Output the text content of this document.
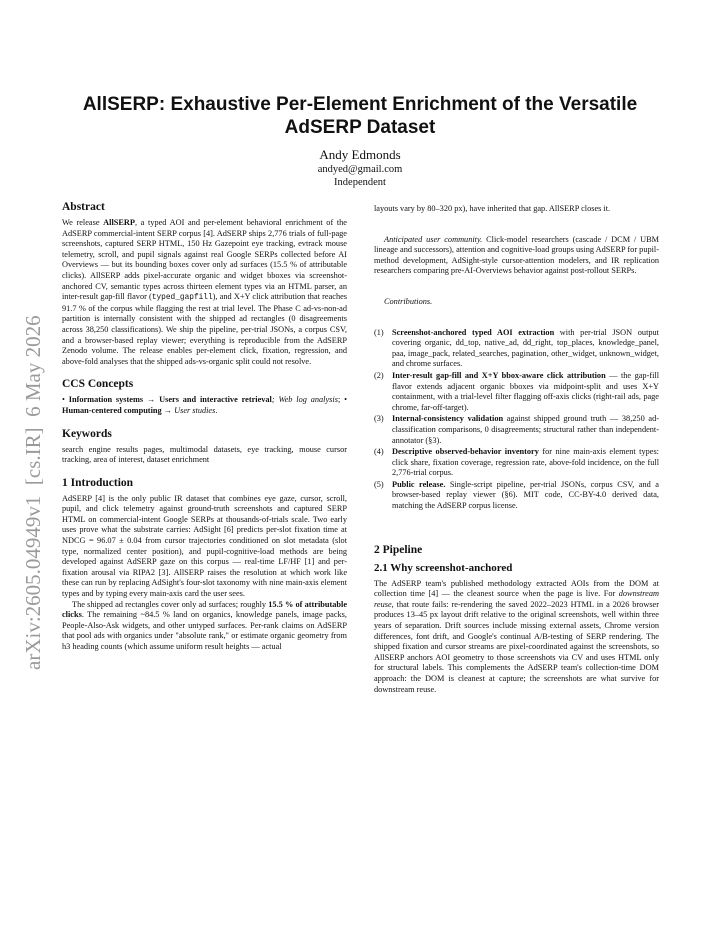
arXiv:2605.04949v1  [cs.IR]  6 May 2026
AllSERP: Exhaustive Per-Element Enrichment of the Versatile AdSERP Dataset
Andy Edmonds
andyed@gmail.com
Independent
Abstract

We release AllSERP, a typed AOI and per-element behavioral enrichment of the AdSERP commercial-intent SERP corpus [4]. AdSERP ships 2,776 trials of full-page screenshots, captured SERP HTML, 150 Hz Gazepoint eye tracking, evtrack mouse telemetry, scroll, and pupil signals against real Google SERPs collected before AI Overviews — but its bounding boxes cover only ad surfaces (15.5 % of attributable clicks). AllSERP adds pixel-accurate organic and widget bboxes via screenshot-anchored CV, semantic types across thirteen element types via an HTML parser, an inter-result gap-fill flavor (typed_gapfill), and X+Y click attribution that reaches 91.7 % of the corpus while flagging the rest at trial level. The Phase C ad-vs-non-ad partition is internally consistent with the shipped ad rectangles (0 disagreements across 38,250 classifications). We ship the pipeline, per-trial JSONs, a corpus CSV, and a browser-based replay viewer; everything is reproducible from the AdSERP Zenodo volume. The release enables per-element click, fixation, regression, and above-fold analyses that the shipped ads-vs-organic split could not resolve.

CCS Concepts

• Information systems → Users and interactive retrieval; Web log analysis; • Human-centered computing → User studies.

Keywords

search engine results pages, multimodal datasets, eye tracking, mouse cursor tracking, area of interest, dataset enrichment

1 Introduction

AdSERP [4] is the only public IR dataset that combines eye gaze, cursor, scroll, pupil, and click telemetry against ground-truth screenshots and captured SERP HTML on commercial-intent Google SERPs at thousands-of-trials scale. Two early uses prove what the substrate carries: AdSight [6] predicts per-slot fixation time at NDCG = 96.07 ± 0.04 from cursor trajectories conditioned on slot metadata (slot type, normalized center position), and pupil-cognitive-load methods are being developed against AdSERP gaze on this corpus — real-time LF/HF [1] and per-fixation arousal via RIPA2 [3]. AllSERP raises the resolution at which work like these can run by replacing AdSight's four-slot taxonomy with nine main-axis element types and by typing every main-axis card the user sees.

The shipped ad rectangles cover only ad surfaces; roughly 15.5 % of attributable clicks. The remaining ~84.5 % land on organics, knowledge panels, image packs, People-Also-Ask widgets, and other untyped surfaces. Per-rank claims on AdSERP that pool ads with organics under "absolute rank," or estimate organic geometry from h3 heading counts (which assume uniform result heights — actual

layouts vary by 80–320 px), have inherited that gap. AllSERP closes it.

Anticipated user community. Click-model researchers (cascade / DCM / UBM lineage and successors), attention and cognitive-load groups using AdSERP for pupil-method development, AdSight-style cursor-attention modelers, and IR replication researchers comparing pre-AI-Overviews behavior against post-rollout SERPs.

Contributions.

(1)	Screenshot-anchored typed AOI extraction with per-trial JSON output covering organic, dd_top, native_ad, dd_right, top_places, knowledge_panel, paa, image_pack, related_searches, pagination, other_widget, unknown_widget, and chrome surfaces.
(2)	Inter-result gap-fill and X+Y bbox-aware click attribution — the gap-fill flavor extends adjacent organic bboxes via midpoint-split and uses X+Y containment, with a trial-level filter flagging off-axis clicks (right-rail ads, page chrome, far-off-target).
(3)	Internal-consistency validation against shipped ground truth — 38,250 ad-classification comparisons, 0 disagreements; structural rather than independent-annotator (§3).
(4)	Descriptive observed-behavior inventory for nine main-axis element types: click share, fixation coverage, regression rate, above-fold incidence, on the full 2,776-trial corpus.
(5)	Public release. Single-script pipeline, per-trial JSONs, corpus CSV, and a browser-based replay viewer (§6). MIT code, CC-BY-4.0 derived data, matching the AdSERP corpus license.
2 Pipeline
2.1 Why screenshot-anchored

The AdSERP team's published methodology extracted AOIs from the DOM at collection time [4] — the cleanest source when the page is live. For downstream reuse, that route fails: re-rendering the saved 2022–2023 HTML in a 2026 browser produces 13–45 px layout drift relative to the original screenshots, well within three years of separation. Drift sources include missing external assets, Chrome version differences, font drift, and Google's continual A/B-testing of SERP rendering. The shipped fixation and cursor streams are pixel-coordinated against the screenshots, so AllSERP anchors AOI geometry to those screenshots via CV and uses HTML only for structural labels. This complements the AdSERP team's collection-time DOM approach: the DOM is cleanest at capture; the screenshots are what survive for downstream reuse.
